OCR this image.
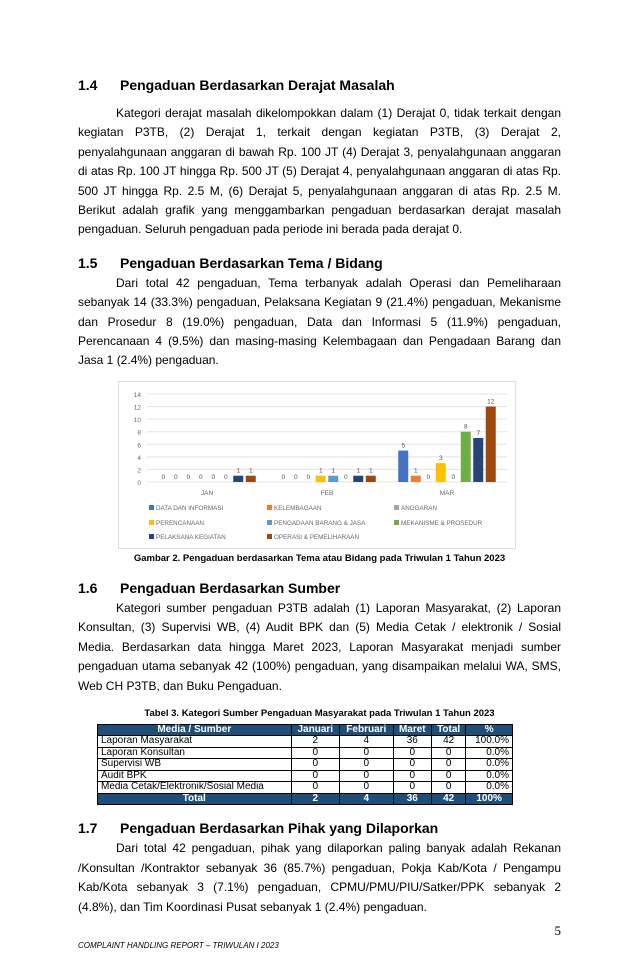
1.4 Pengaduan Berdasarkan Derajat Masalah
Kategori derajat masalah dikelompokkan dalam (1) Derajat 0, tidak terkait dengan kegiatan P3TB, (2) Derajat 1, terkait dengan kegiatan P3TB, (3) Derajat 2, penyalahgunaan anggaran di bawah Rp. 100 JT (4) Derajat 3, penyalahgunaan anggaran di atas Rp. 100 JT hingga Rp. 500 JT (5) Derajat 4, penyalahgunaan anggaran di atas Rp. 500 JT hingga Rp. 2.5 M, (6) Derajat 5, penyalahgunaan anggaran di atas Rp. 2.5 M. Berikut adalah grafik yang menggambarkan pengaduan berdasarkan derajat masalah pengaduan. Seluruh pengaduan pada periode ini berada pada derajat 0.
1.5 Pengaduan Berdasarkan Tema / Bidang
Dari total 42 pengaduan, Tema terbanyak adalah Operasi dan Pemeliharaan sebanyak 14 (33.3%) pengaduan, Pelaksana Kegiatan 9 (21.4%) pengaduan, Mekanisme dan Prosedur 8 (19.0%) pengaduan, Data dan Informasi 5 (11.9%) pengaduan, Perencanaan 4 (9.5%) dan masing-masing Kelembagaan dan Pengadaan Barang dan Jasa 1 (2.4%) pengaduan.
0
2
4
6
8
10
12
14
0 0 0 0 0 0
1 1
JAN
0 0 0
1 1
0
1 1
FEB
5
1
0
3
0
8
7
12
MAR
DATA DAN INFORMASI	KELEMBAGAAN	ANGGARAN
PERENCANAAN	PENGADAAN BARANG & JASA	MEKANISME & PROSEDUR
PELAKSANA KEGIATAN	OPERASI & PEMELIHARAAN
Gambar 2. Pengaduan berdasarkan Tema atau Bidang pada Triwulan 1 Tahun 2023
1.6 Pengaduan Berdasarkan Sumber
Kategori sumber pengaduan P3TB adalah (1) Laporan Masyarakat, (2) Laporan Konsultan, (3) Supervisi WB, (4) Audit BPK dan (5) Media Cetak / elektronik / Sosial Media. Berdasarkan data hingga Maret 2023, Laporan Masyarakat menjadi sumber pengaduan utama sebanyak 42 (100%) pengaduan, yang disampaikan melalui WA, SMS, Web CH P3TB, dan Buku Pengaduan.
Tabel 3. Kategori Sumber Pengaduan Masyarakat pada Triwulan 1 Tahun 2023
Media / Sumber	Januari	Februari	Maret	Total	%
Laporan Masyarakat	2	4	36	42	100.0%
Laporan Konsultan	0	0	0	0	0.0%
Supervisi WB	0	0	0	0	0.0%
Audit BPK	0	0	0	0	0.0%
Media Cetak/Elektronik/Sosial Media	0	0	0	0	0.0%
Total	2	4	36	42	100%
1.7 Pengaduan Berdasarkan Pihak yang Dilaporkan
Dari total 42 pengaduan, pihak yang dilaporkan paling banyak adalah Rekanan /Konsultan /Kontraktor sebanyak 36 (85.7%) pengaduan, Pokja Kab/Kota / Pengampu Kab/Kota sebanyak 3 (7.1%) pengaduan, CPMU/PMU/PIU/Satker/PPK sebanyak 2 (4.8%), dan Tim Koordinasi Pusat sebanyak 1 (2.4%) pengaduan.
5
COMPLAINT HANDLING REPORT – TRIWULAN I 2023
